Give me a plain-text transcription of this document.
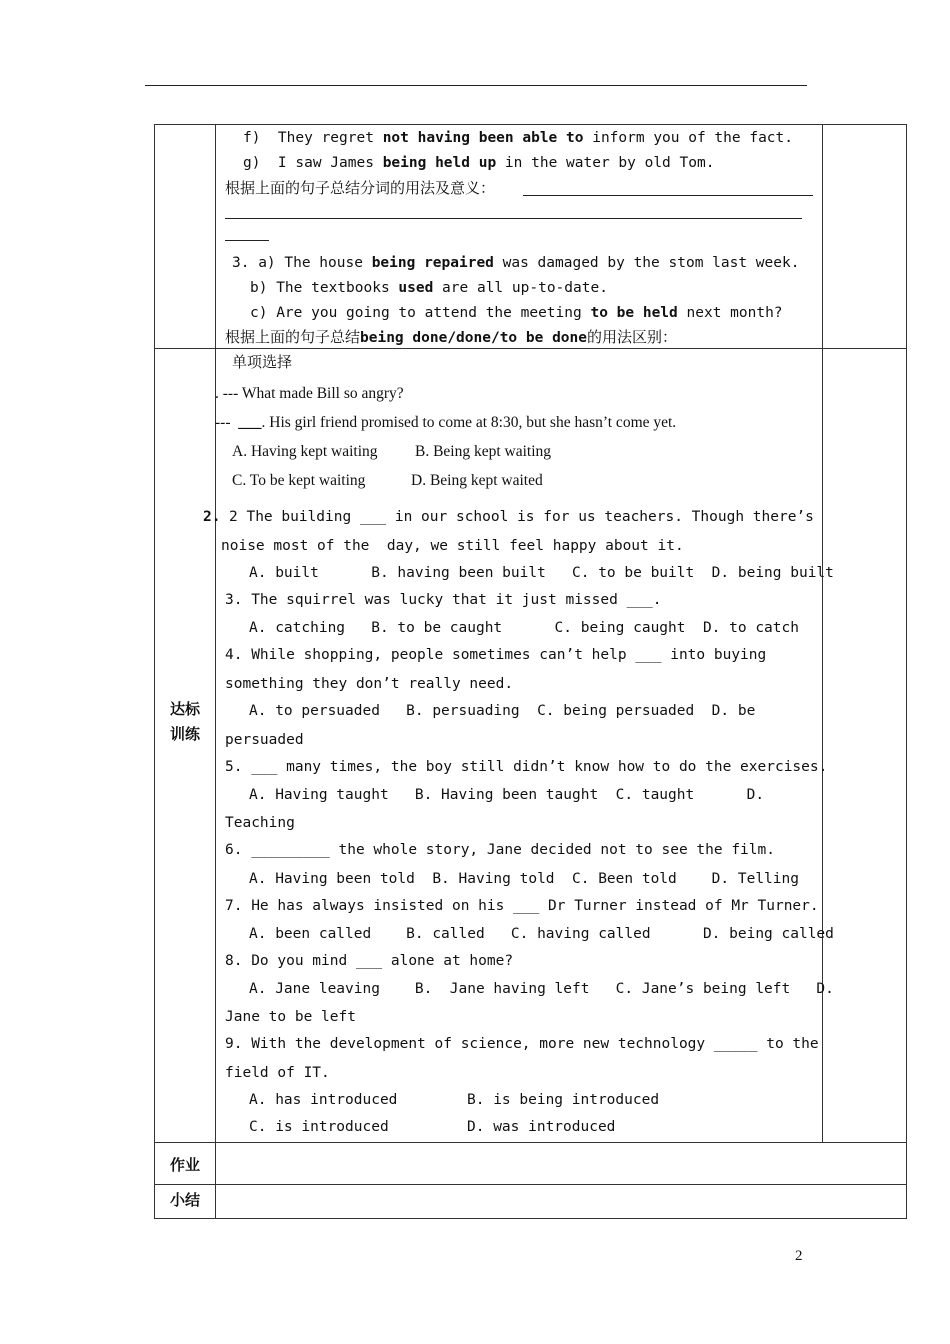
f)  They regret not having been able to inform you of the fact.
g)  I saw James being held up in the water by old Tom.
根据上面的句子总结分词的用法及意义：
3. a) The house being repaired was damaged by the stom last week.
b) The textbooks used are all up-to-date.
c) Are you going to attend the meeting to be held next month?
根据上面的句子总结being done/done/to be done的用法区别：
达标训练
单项选择
. --- What made Bill so angry?
---  ___. His girl friend promised to come at 8:30, but she hasn’t come yet.
A. Having kept waiting B. Being kept waiting
C. To be kept waiting	D. Being kept waited
2. 2 The building ___ in our school is for us teachers. Though there’s
noise most of the  day, we still feel happy about it.
A. built      B. having been built   C. to be built  D. being built
3. The squirrel was lucky that it just missed ___.
A. catching   B. to be caught      C. being caught  D. to catch
4. While shopping, people sometimes can’t help ___ into buying
something they don’t really need.
A. to persuaded   B. persuading  C. being persuaded  D. be
persuaded
5. ___ many times, the boy still didn’t know how to do the exercises.
A. Having taught   B. Having been taught  C. taught      D.
Teaching
6. _________ the whole story, Jane decided not to see the film.
A. Having been told  B. Having told  C. Been told    D. Telling
7. He has always insisted on his ___ Dr Turner instead of Mr Turner.
A. been called    B. called   C. having called      D. being called
8. Do you mind ___ alone at home?
A. Jane leaving    B.  Jane having left   C. Jane’s being left   D.
Jane to be left
9. With the development of science, more new technology _____ to the
field of IT.
A. has introduced	B. is being introduced
C. is introduced	D. was introduced
作业
小结
2
